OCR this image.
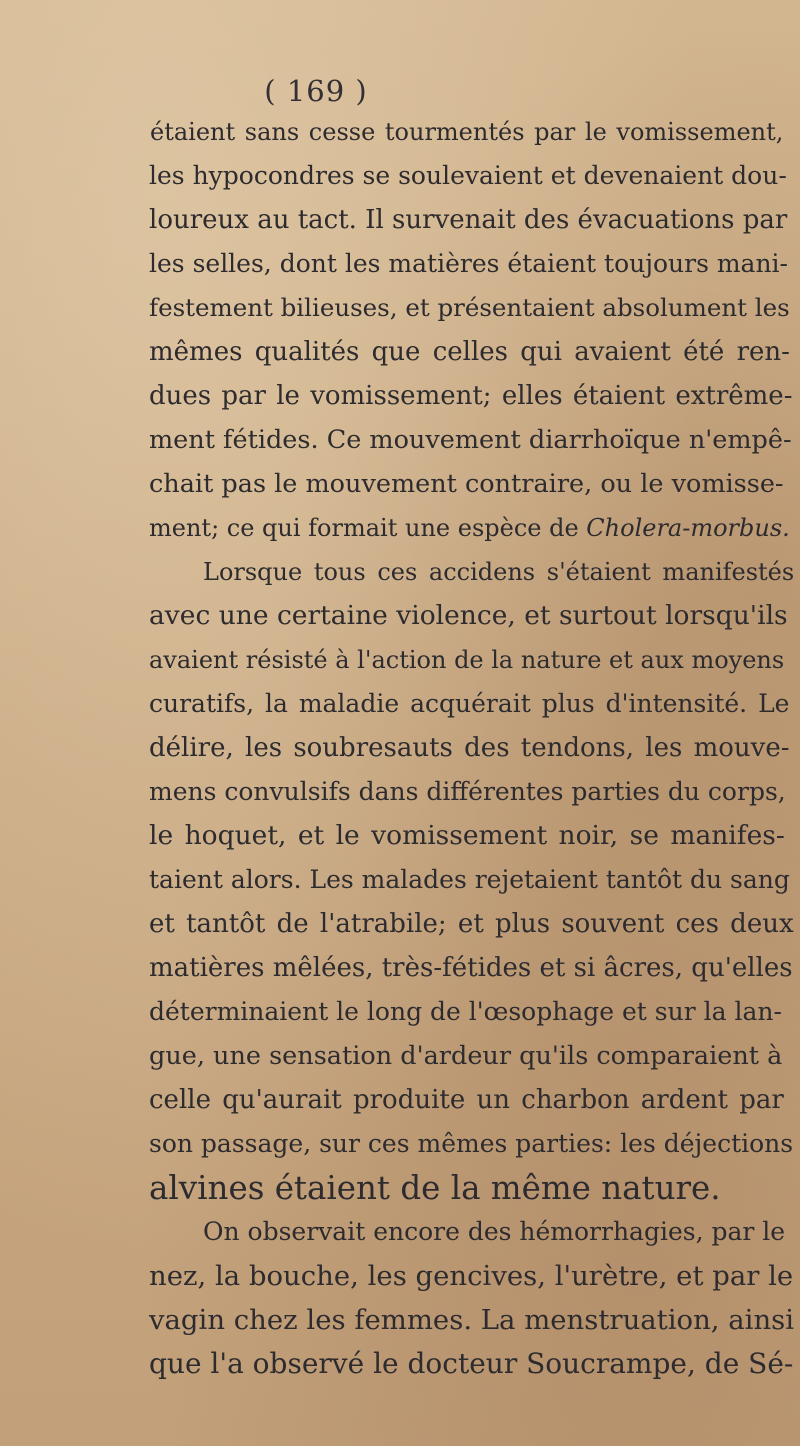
( 169 )
étaient sans cesse tourmentés par le vomissement,
les hypocondres se soulevaient et devenaient dou-
loureux au tact. Il survenait des évacuations par
les selles, dont les matières étaient toujours mani-
festement bilieuses, et présentaient absolument les
mêmes qualités que celles qui avaient été ren-
dues par le vomissement; elles étaient extrême-
ment fétides. Ce mouvement diarrhoïque n'empê-
chait pas le mouvement contraire, ou le vomisse-
ment; ce qui formait une espèce de Cholera-morbus.
Lorsque tous ces accidens s'étaient manifestés
avec une certaine violence, et surtout lorsqu'ils
avaient résisté à l'action de la nature et aux moyens
curatifs, la maladie acquérait plus d'intensité. Le
délire, les soubresauts des tendons, les mouve-
mens convulsifs dans différentes parties du corps,
le hoquet, et le vomissement noir, se manifes-
taient alors. Les malades rejetaient tantôt du sang
et tantôt de l'atrabile; et plus souvent ces deux
matières mêlées, très-fétides et si âcres, qu'elles
déterminaient le long de l'œsophage et sur la lan-
gue, une sensation d'ardeur qu'ils comparaient à
celle qu'aurait produite un charbon ardent par
son passage, sur ces mêmes parties: les déjections
alvines étaient de la même nature.
On observait encore des hémorrhagies, par le
nez, la bouche, les gencives, l'urètre, et par le
vagin chez les femmes. La menstruation, ainsi
que l'a observé le docteur Soucrampe, de Sé-
